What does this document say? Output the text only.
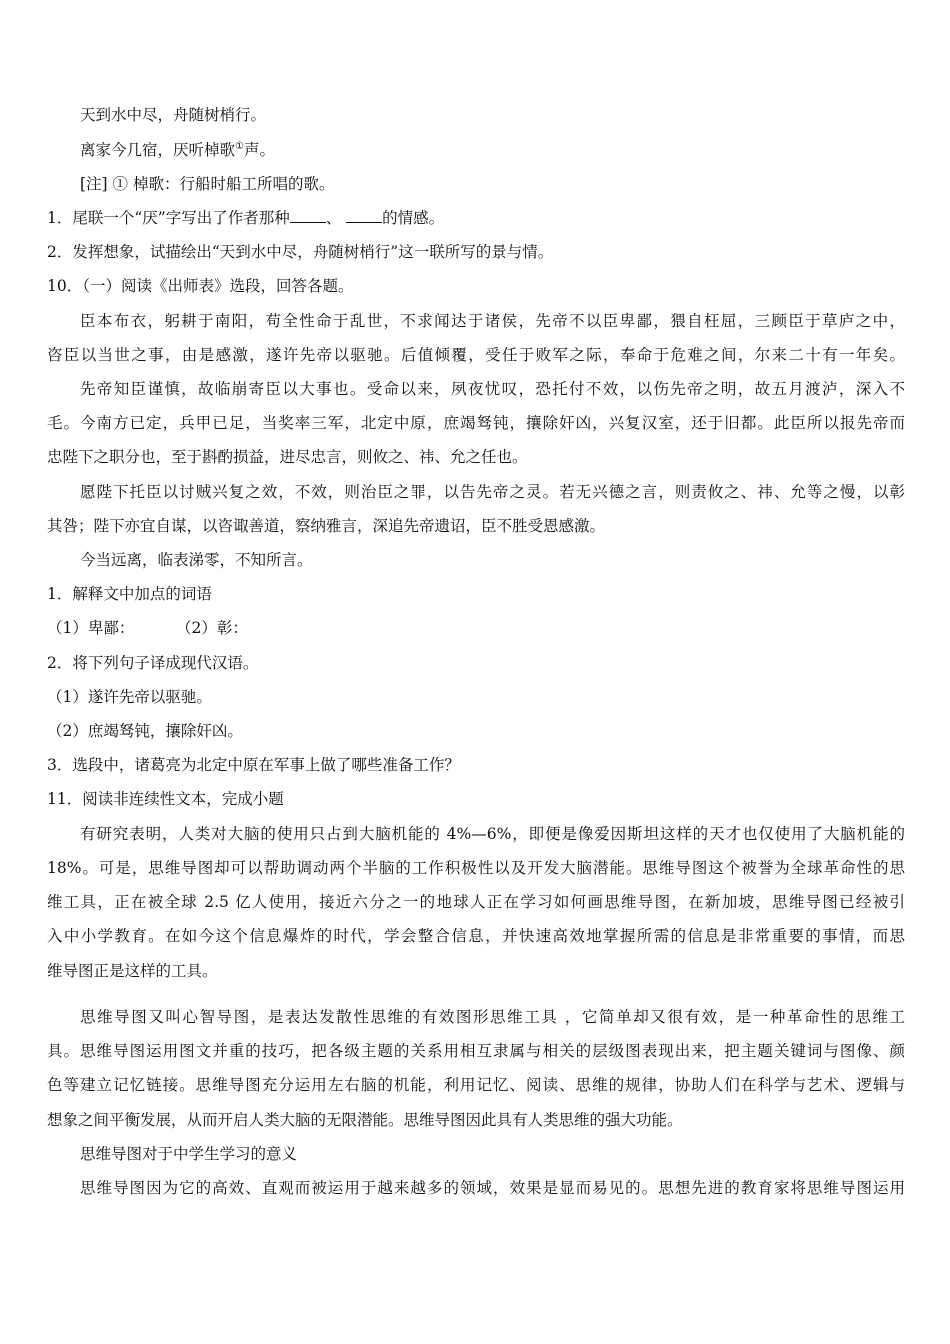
天到水中尽，舟随树梢行。
离家今几宿，厌听棹歌①声。
[注] ① 棹歌：行船时船工所唱的歌。
1．尾联一个“厌”字写出了作者那种 、 的情感。
2．发挥想象，试描绘出“天到水中尽，舟随树梢行”这一联所写的景与情。
10．（一）阅读《出师表》选段，回答各题。
臣本布衣，躬耕于南阳，苟全性命于乱世，不求闻达于诸侯，先帝不以臣卑鄙，猥自枉屈，三顾臣于草庐之中，
咨臣以当世之事，由是感激，遂许先帝以驱驰。后值倾覆，受任于败军之际，奉命于危难之间，尔来二十有一年矣。
先帝知臣谨慎，故临崩寄臣以大事也。受命以来，夙夜忧叹，恐托付不效，以伤先帝之明，故五月渡泸，深入不
毛。今南方已定，兵甲已足，当奖率三军，北定中原，庶竭驽钝，攘除奸凶，兴复汉室，还于旧都。此臣所以报先帝而
忠陛下之职分也，至于斟酌损益，进尽忠言，则攸之、祎、允之任也。
愿陛下托臣以讨贼兴复之效，不效，则治臣之罪，以告先帝之灵。若无兴德之言，则责攸之、祎、允等之慢，以彰
其咎；陛下亦宜自谋，以咨诹善道，察纳雅言，深追先帝遗诏，臣不胜受恩感激。
今当远离，临表涕零，不知所言。
1．解释文中加点的词语
（1）卑鄙：	（2）彰：
2．将下列句子译成现代汉语。
（1）遂许先帝以驱驰。
（2）庶竭驽钝，攘除奸凶。
3．选段中，诸葛亮为北定中原在军事上做了哪些准备工作？
11．阅读非连续性文本，完成小题
有研究表明，人类对大脑的使用只占到大脑机能的 4%—6%，即便是像爱因斯坦这样的天才也仅使用了大脑机能的
18%。可是，思维导图却可以帮助调动两个半脑的工作积极性以及开发大脑潜能。思维导图这个被誉为全球革命性的思
维工具，正在被全球 2.5 亿人使用，接近六分之一的地球人正在学习如何画思维导图，在新加坡，思维导图已经被引
入中小学教育。在如今这个信息爆炸的时代，学会整合信息，并快速高效地掌握所需的信息是非常重要的事情，而思
维导图正是这样的工具。
思维导图又叫心智导图，是表达发散性思维的有效图形思维工具 ，它简单却又很有效，是一种革命性的思维工
具。思维导图运用图文并重的技巧，把各级主题的关系用相互隶属与相关的层级图表现出来，把主题关键词与图像、颜
色等建立记忆链接。思维导图充分运用左右脑的机能，利用记忆、阅读、思维的规律，协助人们在科学与艺术、逻辑与
想象之间平衡发展，从而开启人类大脑的无限潜能。思维导图因此具有人类思维的强大功能。
思维导图对于中学生学习的意义
思维导图因为它的高效、直观而被运用于越来越多的领域，效果是显而易见的。思想先进的教育家将思维导图运用
